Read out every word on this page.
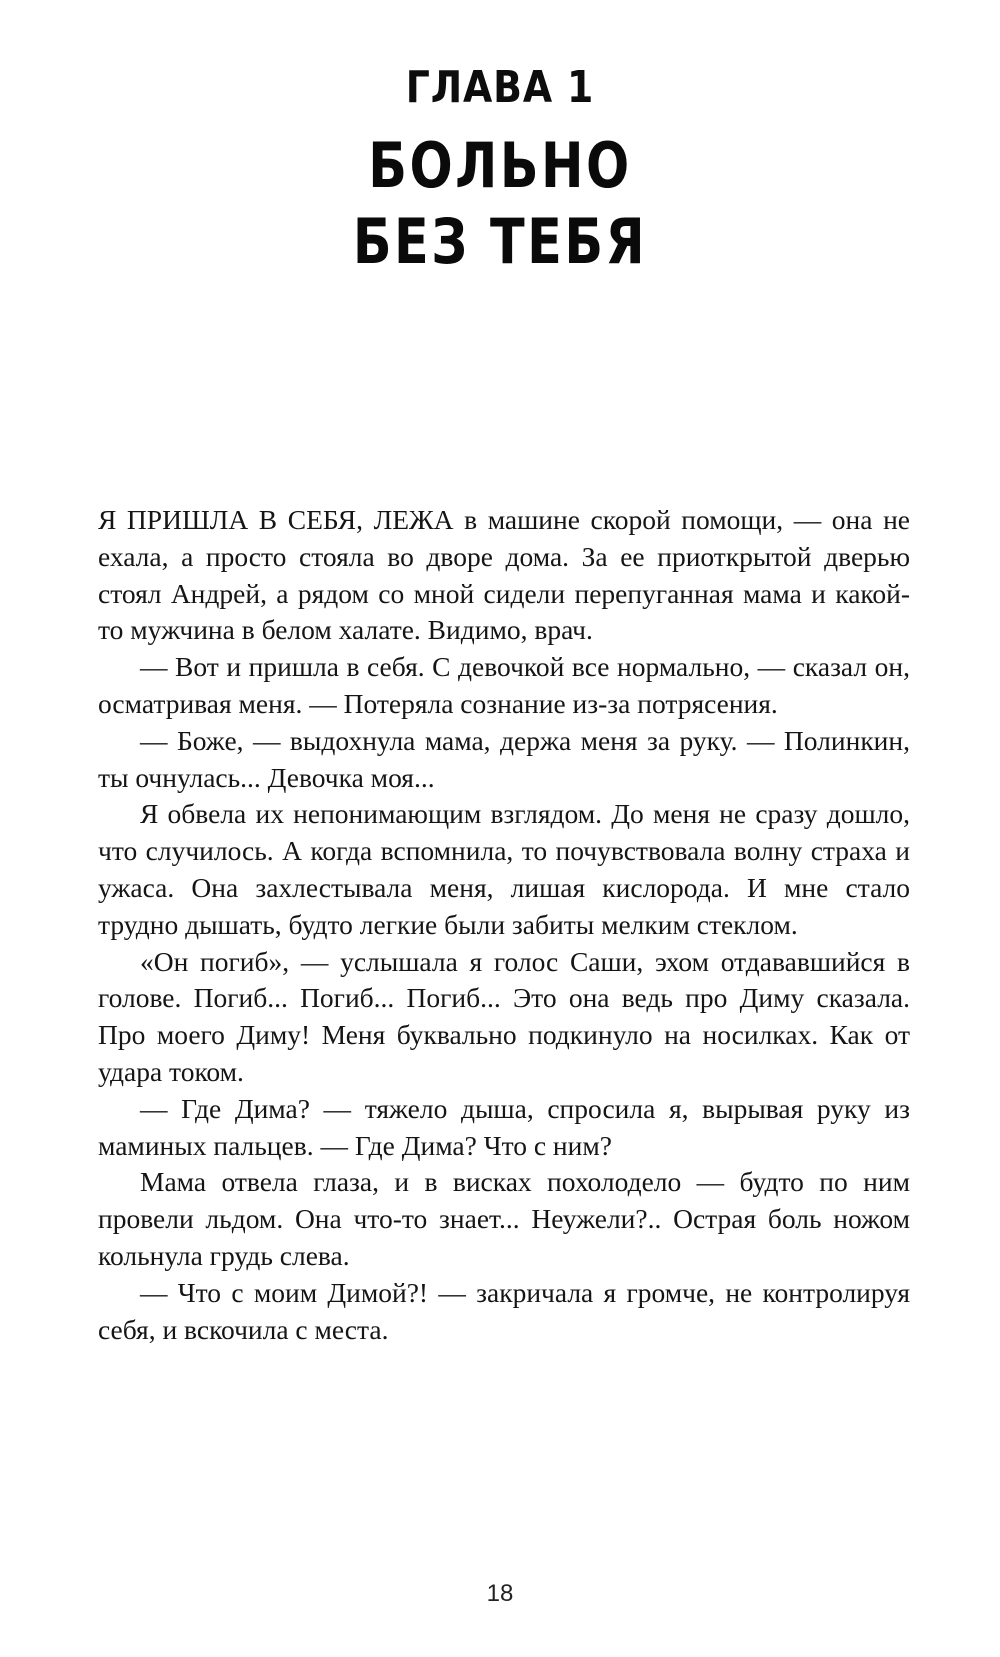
ГЛАВА 1
БОЛЬНО
БЕЗ ТЕБЯ

Я ПРИШЛА В СЕБЯ, ЛЕЖА в машине скорой помощи, — она не ехала, а просто стояла во дворе дома. За ее приоткрытой дверью стоял Андрей, а рядом со мной сидели перепуганная мама и какой-то мужчина в белом халате. Видимо, врач.

— Вот и пришла в себя. С девочкой все нормально, — сказал он, осматривая меня. — Потеряла сознание из-за потрясения.

— Боже, — выдохнула мама, держа меня за руку. — Полинкин, ты очнулась... Девочка моя...

Я обвела их непонимающим взглядом. До меня не сразу дошло, что случилось. А когда вспомнила, то почувствовала волну страха и ужаса. Она захлестывала меня, лишая кислорода. И мне стало трудно дышать, будто легкие были забиты мелким стеклом.

«Он погиб», — услышала я голос Саши, эхом отдававшийся в голове. Погиб... Погиб... Погиб... Это она ведь про Диму сказала. Про моего Диму! Меня буквально подкинуло на носилках. Как от удара током.

— Где Дима? — тяжело дыша, спросила я, вырывая руку из маминых пальцев. — Где Дима? Что с ним?

Мама отвела глаза, и в висках похолодело — будто по ним провели льдом. Она что-то знает... Неужели?.. Острая боль ножом кольнула грудь слева.

— Что с моим Димой?! — закричала я громче, не контролируя себя, и вскочила с места.

18
